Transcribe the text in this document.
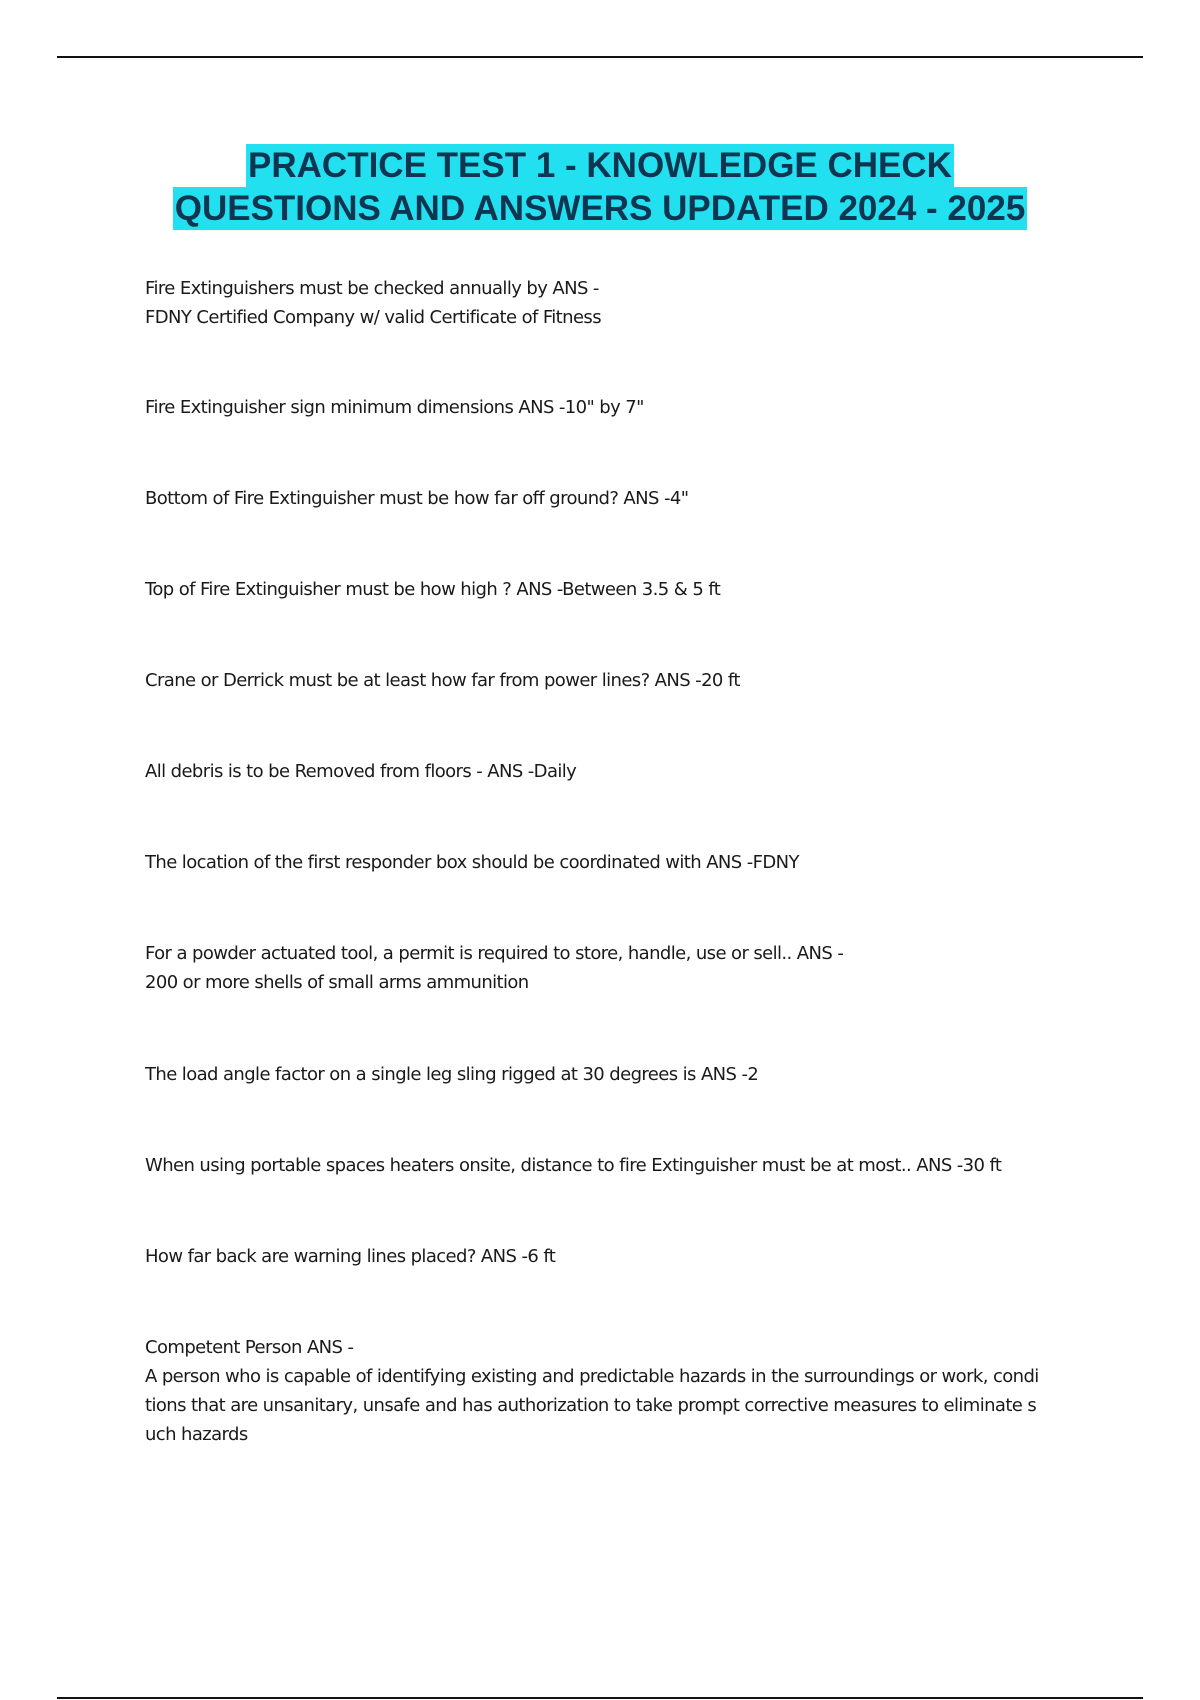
PRACTICE TEST 1 - KNOWLEDGE CHECK
QUESTIONS AND ANSWERS UPDATED 2024 - 2025
Fire Extinguishers must be checked annually by ANS -
FDNY Certified Company w/ valid Certificate of Fitness
Fire Extinguisher sign minimum dimensions ANS -10" by 7"
Bottom of Fire Extinguisher must be how far off ground? ANS -4"
Top of Fire Extinguisher must be how high ? ANS -Between 3.5 & 5 ft
Crane or Derrick must be at least how far from power lines? ANS -20 ft
All debris is to be Removed from floors - ANS -Daily
The location of the first responder box should be coordinated with ANS -FDNY
For a powder actuated tool, a permit is required to store, handle, use or sell.. ANS -
200 or more shells of small arms ammunition
The load angle factor on a single leg sling rigged at 30 degrees is ANS -2
When using portable spaces heaters onsite, distance to fire Extinguisher must be at most.. ANS -30 ft
How far back are warning lines placed? ANS -6 ft
Competent Person ANS -
A person who is capable of identifying existing and predictable hazards in the surroundings or work, condi
tions that are unsanitary, unsafe and has authorization to take prompt corrective measures to eliminate s
uch hazards
